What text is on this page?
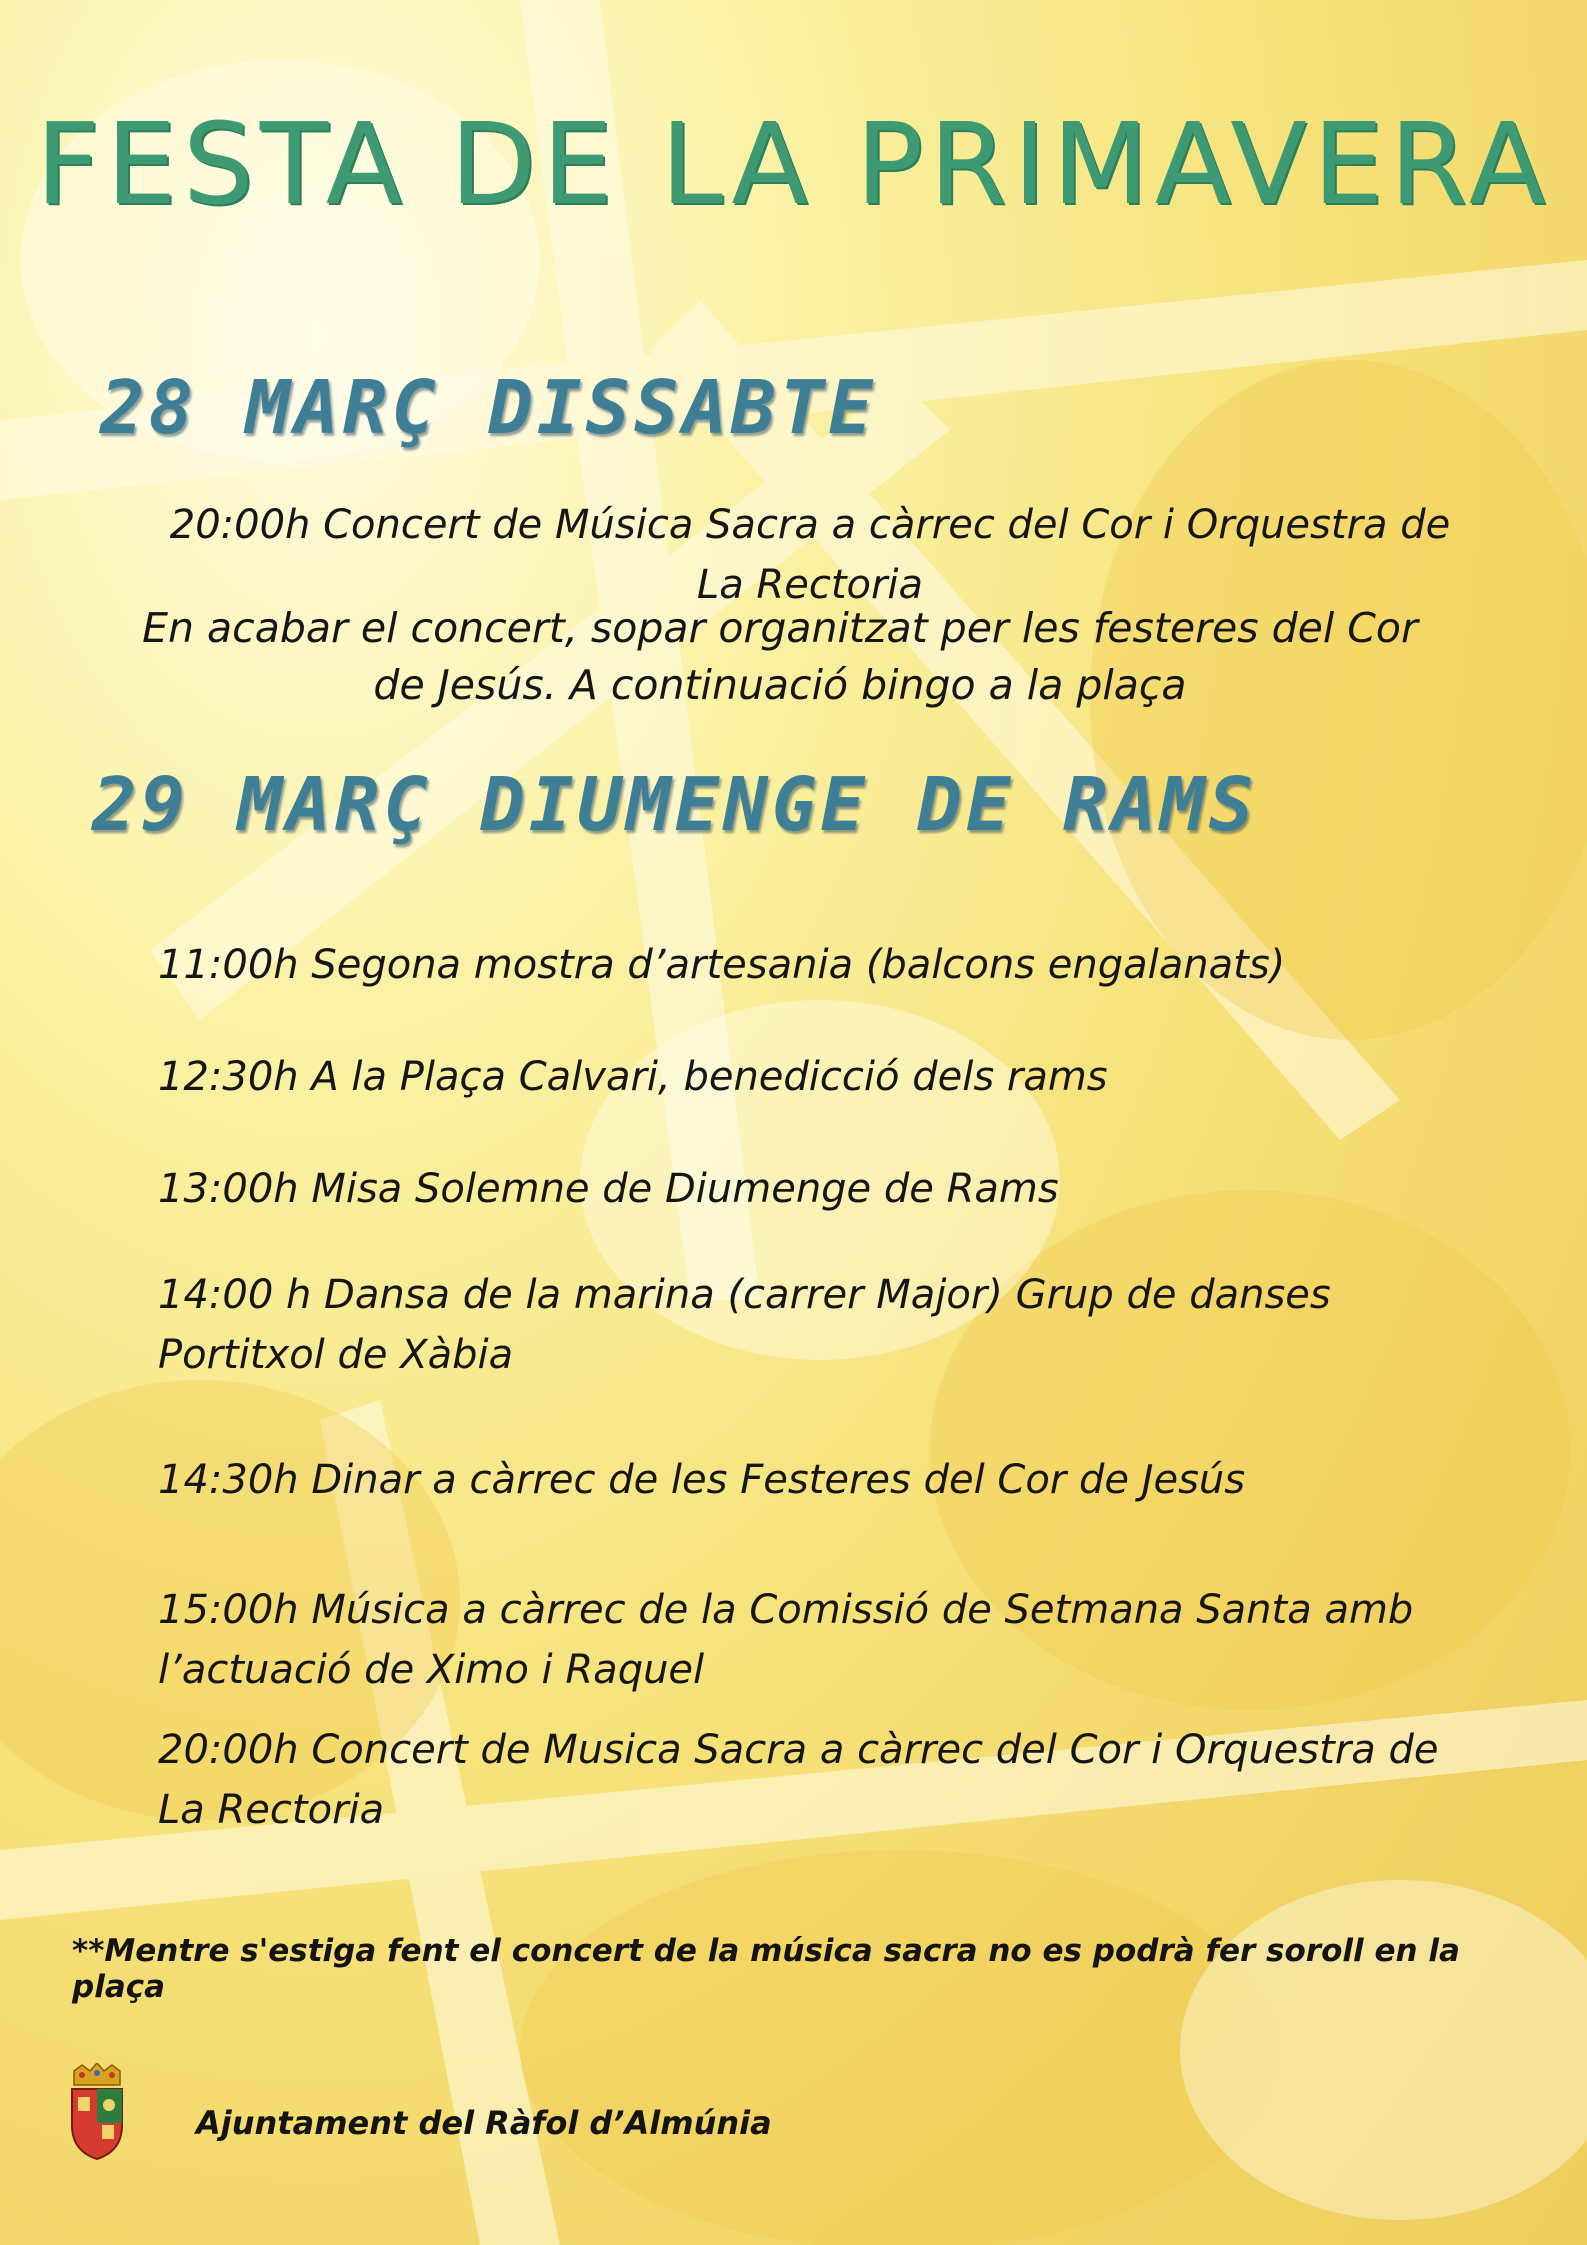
FESTA DE LA PRIMAVERA
28 MARÇ DISSABTE
20:00h Concert de Música Sacra a càrrec del Cor i Orquestra de La Rectoria
En acabar el concert, sopar organitzat per les festeres del Cor de Jesús. A continuació bingo a la plaça
29 MARÇ DIUMENGE DE RAMS
11:00h Segona mostra d’artesania (balcons engalanats)
12:30h A la Plaça Calvari, benedicció dels rams
13:00h Misa Solemne de Diumenge de Rams
14:00 h Dansa de la marina (carrer Major) Grup de danses Portitxol de Xàbia
14:30h Dinar a càrrec de les Festeres del Cor de Jesús
15:00h Música a càrrec de la Comissió de Setmana Santa amb l’actuació de Ximo i Raquel
20:00h Concert de Musica Sacra a càrrec del Cor i Orquestra de La Rectoria
**Mentre s'estiga fent el concert de la música sacra no es podrà fer soroll en la plaça
Ajuntament del Ràfol d’Almúnia
